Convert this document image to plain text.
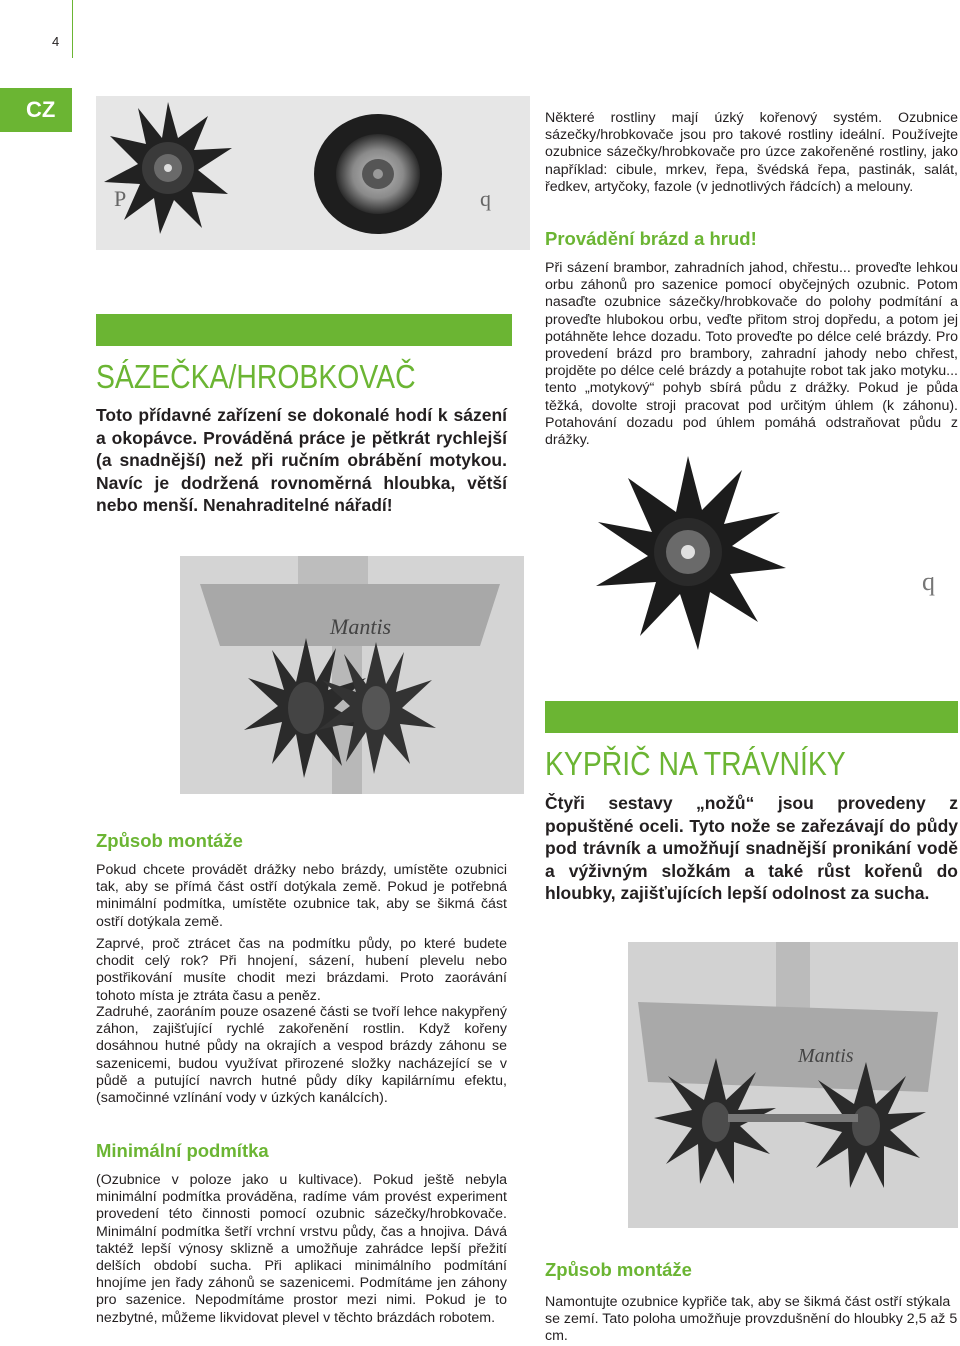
4
CZ
P	q
Některé rostliny mají úzký kořenový systém. Ozubnice sázečky/hrobkovače jsou pro takové rostliny ideální. Používejte ozubnice sázečky/hrobkovače pro úzce zakořeněné rostliny, jako například: cibule, mrkev, řepa, švédská řepa, pastinák, salát, ředkev, artyčoky, fazole (v jednotlivých řádcích) a melouny.
Provádění brázd a hrud!
Při sázení brambor, zahradních jahod, chřestu... proveďte lehkou orbu záhonů pro sazenice pomocí obyčejných ozubnic. Potom nasaďte ozubnice sázečky/hrobkovače do polohy podmítání a proveďte hlubokou orbu, veďte přitom stroj dopředu, a potom jej potáhněte lehce dozadu. Toto proveďte po délce celé brázdy. Pro provedení brázd pro brambory, zahradní jahody nebo chřest, projděte po délce celé brázdy a potahujte robot tak jako motyku... tento „motykový“ pohyb sbírá půdu z drážky. Pokud je půda těžká, dovolte stroji pracovat pod určitým úhlem (k záhonu). Potahování dozadu pod úhlem pomáhá odstraňovat půdu z drážky.
SÁZEČKA/HROBKOVAČ
Toto přídavné zařízení se dokonalé hodí k sázení a okopávce. Prováděná práce je pětkrát rychlejší (a snadnější) než při ručním obrábění motykou. Navíc je dodržená rovnoměrná hloubka, větší nebo menší. Nenahraditelné nářadí!
q
Mantis
KYPŘIČ NA TRÁVNÍKY
Čtyři sestavy „nožů“ jsou provedeny z popuštěné oceli. Tyto nože se zařezávají do půdy pod trávník a umožňují snadnější pronikání vodě a výživným složkám a také růst kořenů do hloubky, zajišťujících lepší odolnost za sucha.
Způsob montáže
Pokud chcete provádět drážky nebo brázdy, umístěte ozubnici tak, aby se přímá část ostří dotýkala země. Pokud je potřebná minimální podmítka, umístěte ozubnice tak, aby se šikmá část ostří dotýkala země.
Mantis
Zaprvé, proč ztrácet čas na podmítku půdy, po které budete chodit celý rok? Při hnojení, sázení, hubení plevelu nebo postřikování musíte chodit mezi brázdami. Proto zaorávání tohoto místa je ztráta času a peněz.
Zadruhé, zaoráním pouze osazené části se tvoří lehce nakypřený záhon, zajišťující rychlé zakořenění rostlin. Když kořeny dosáhnou hutné půdy na okrajích a vespod brázdy záhonu se sazenicemi, budou využívat přirozené složky nacházející se v půdě a putující navrch hutné půdy díky kapilárnímu efektu, (samočinné vzlínání vody v úzkých kanálcích).
Minimální podmítka
(Ozubnice v poloze jako u kultivace). Pokud ještě nebyla minimální podmítka prováděna, radíme vám provést experiment provedení této činnosti pomocí ozubnic sázečky/hrobkovače. Minimální podmítka šetří vrchní vrstvu půdy, čas a hnojiva. Dává taktéž lepší výnosy sklizně a umožňuje zahrádce lepší přežití delších období sucha. Při aplikaci minimálního podmítání hnojíme jen řady záhonů se sazenicemi. Podmítáme jen záhony pro sazenice. Nepodmítáme prostor mezi nimi. Pokud je to nezbytné, můžeme likvidovat plevel v těchto brázdách robotem.
Způsob montáže
Namontujte ozubnice kypřiče tak, aby se šikmá část ostří stýkala se zemí. Tato poloha umožňuje provzdušnění do hloubky 2,5 až 5 cm.
